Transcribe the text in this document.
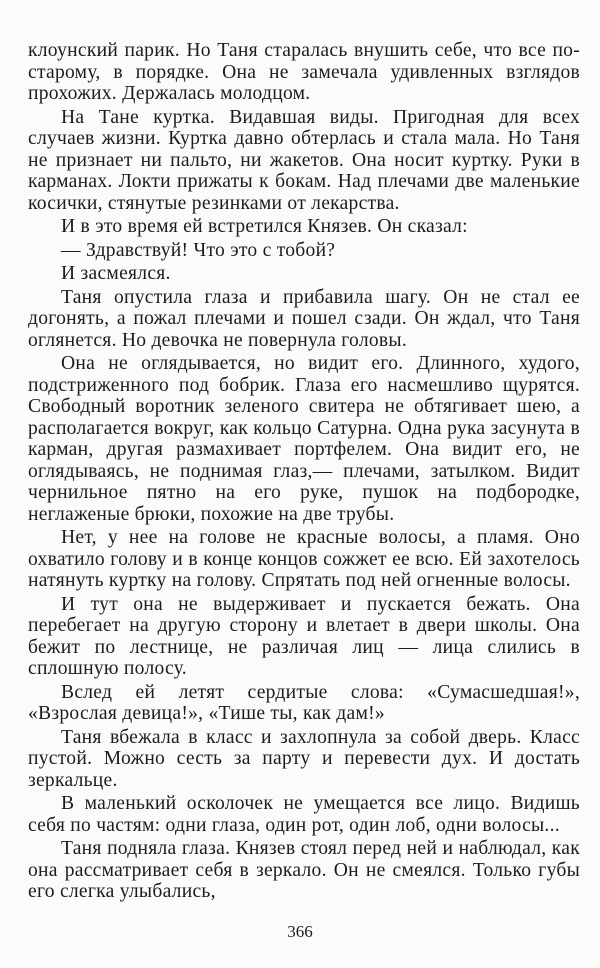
клоунский парик. Но Таня старалась внушить себе, что все по-старому, в порядке. Она не замечала удивленных взглядов прохожих. Держалась молодцом.

На Тане куртка. Видавшая виды. Пригодная для всех случаев жизни. Куртка давно обтерлась и стала мала. Но Таня не признает ни пальто, ни жакетов. Она носит куртку. Руки в карманах. Локти прижаты к бокам. Над плечами две маленькие косички, стянутые резинками от лекарства.

И в это время ей встретился Князев. Он сказал:

— Здравствуй! Что это с тобой?

И засмеялся.

Таня опустила глаза и прибавила шагу. Он не стал ее догонять, а пожал плечами и пошел сзади. Он ждал, что Таня оглянется. Но девочка не повернула головы.

Она не оглядывается, но видит его. Длинного, худого, подстриженного под бобрик. Глаза его насмешливо щурятся. Свободный воротник зеленого свитера не обтягивает шею, а располагается вокруг, как кольцо Сатурна. Одна рука засунута в карман, другая размахивает портфелем. Она видит его, не оглядываясь, не поднимая глаз,— плечами, затылком. Видит чернильное пятно на его руке, пушок на подбородке, неглаженые брюки, похожие на две трубы.

Нет, у нее на голове не красные волосы, а пламя. Оно охватило голову и в конце концов сожжет ее всю. Ей захотелось натянуть куртку на голову. Спрятать под ней огненные волосы.

И тут она не выдерживает и пускается бежать. Она перебегает на другую сторону и влетает в двери школы. Она бежит по лестнице, не различая лиц — лица слились в сплошную полосу.

Вслед ей летят сердитые слова: «Сумасшедшая!», «Взрослая девица!», «Тише ты, как дам!»

Таня вбежала в класс и захлопнула за собой дверь. Класс пустой. Можно сесть за парту и перевести дух. И достать зеркальце.

В маленький осколочек не умещается все лицо. Видишь себя по частям: одни глаза, один рот, один лоб, одни волосы...

Таня подняла глаза. Князев стоял перед ней и наблюдал, как она рассматривает себя в зеркало. Он не смеялся. Только губы его слегка улыбались,

366
